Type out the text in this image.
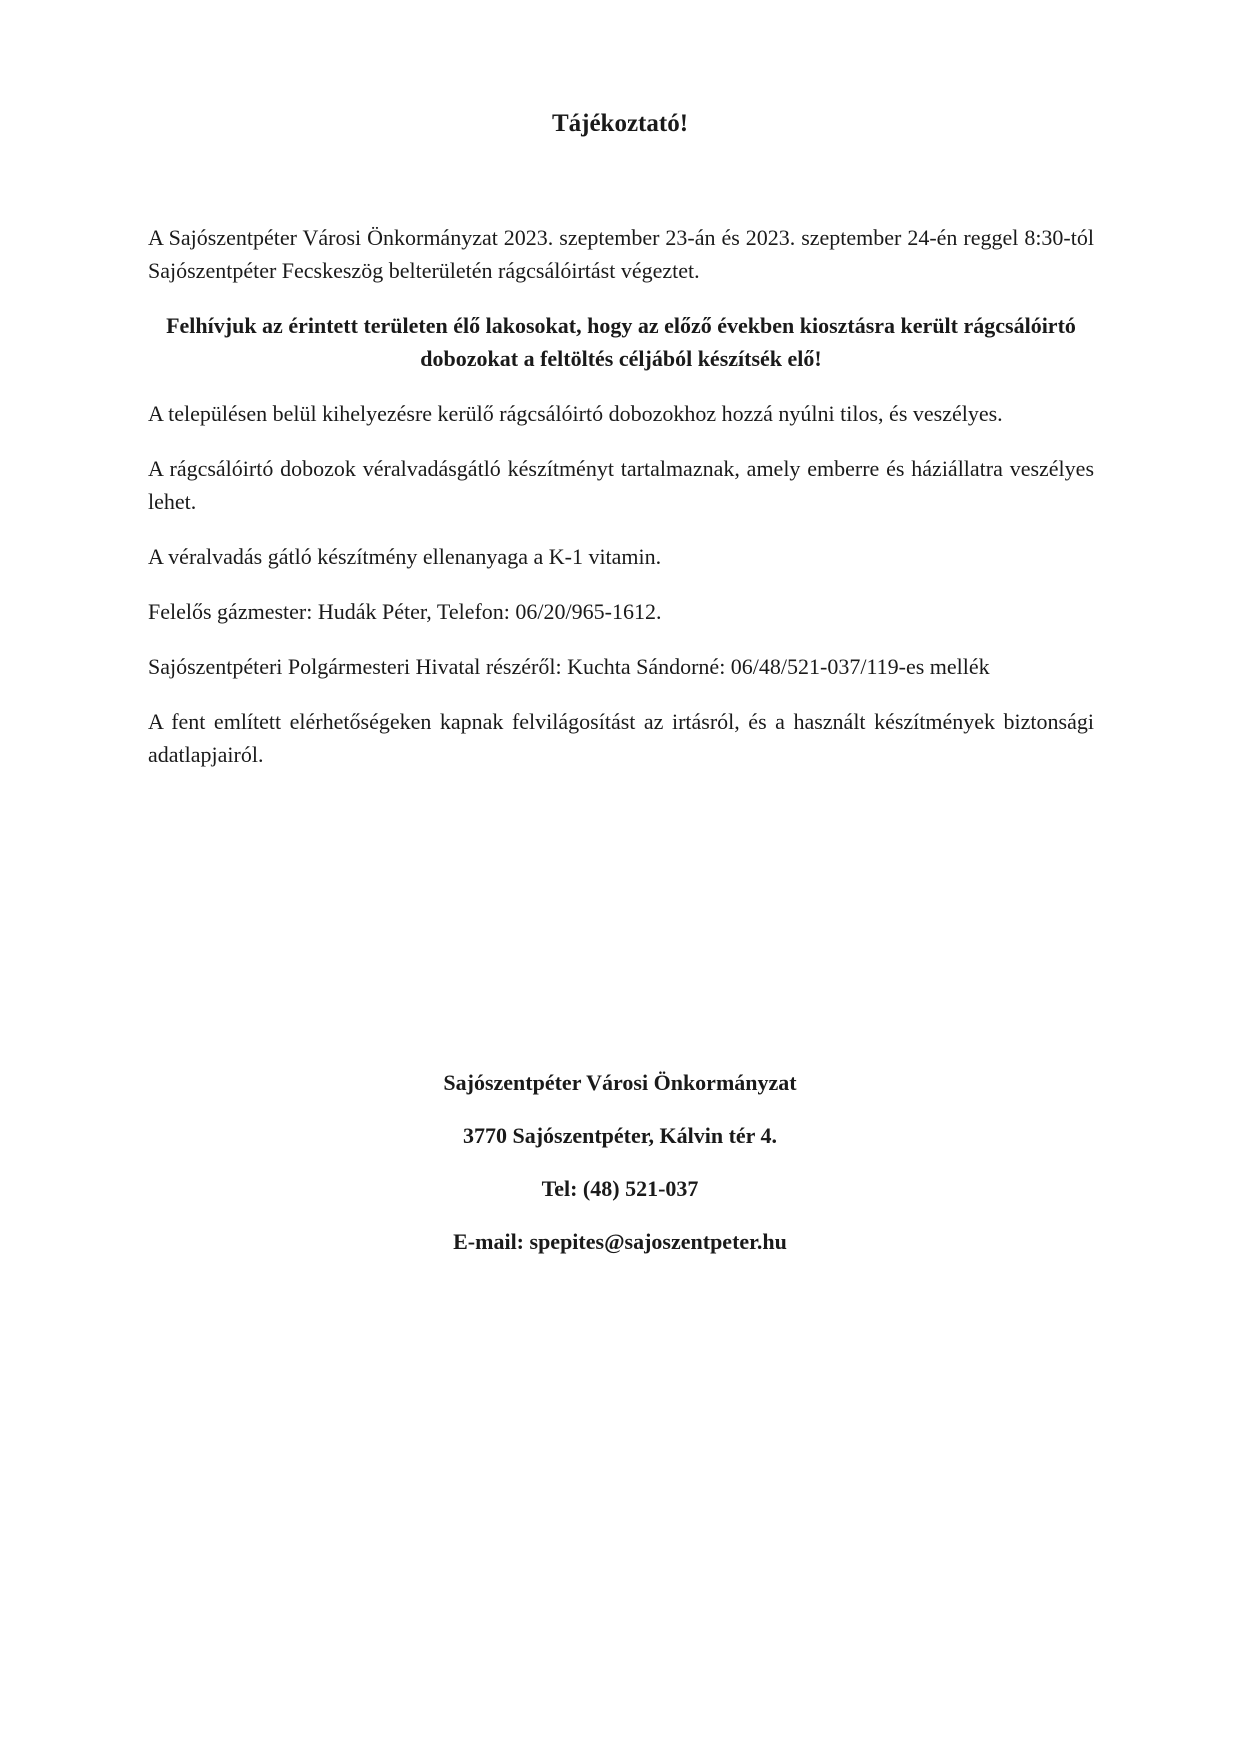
Tájékoztató!

A Sajószentpéter Városi Önkormányzat 2023. szeptember 23-án és 2023. szeptember 24-én reggel 8:30-tól Sajószentpéter Fecskeszög belterületén rágcsálóirtást végeztet.

Felhívjuk az érintett területen élő lakosokat, hogy az előző években kiosztásra került rágcsálóirtó dobozokat a feltöltés céljából készítsék elő!

A településen belül kihelyezésre kerülő rágcsálóirtó dobozokhoz hozzá nyúlni tilos, és veszélyes.

A rágcsálóirtó dobozok véralvadásgátló készítményt tartalmaznak, amely emberre és háziállatra veszélyes lehet.

A véralvadás gátló készítmény ellenanyaga a K-1 vitamin.

Felelős gázmester: Hudák Péter, Telefon: 06/20/965-1612.

Sajószentpéteri Polgármesteri Hivatal részéről: Kuchta Sándorné: 06/48/521-037/119-es mellék

A fent említett elérhetőségeken kapnak felvilágosítást az irtásról, és a használt készítmények biztonsági adatlapjairól.

Sajószentpéter Városi Önkormányzat

3770 Sajószentpéter, Kálvin tér 4.

Tel: (48) 521-037

E-mail: spepites@sajoszentpeter.hu
